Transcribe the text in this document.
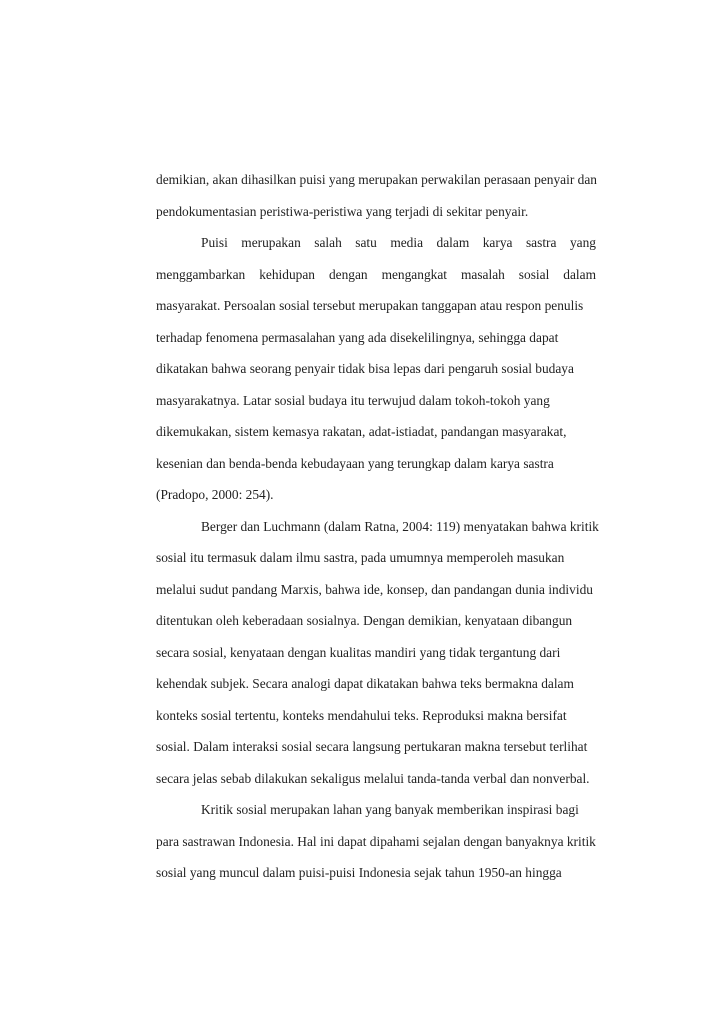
demikian, akan dihasilkan puisi yang merupakan perwakilan perasaan penyair dan
pendokumentasian peristiwa-peristiwa yang terjadi di sekitar penyair.
Puisi merupakan salah satu media dalam karya sastra yang
menggambarkan kehidupan dengan mengangkat masalah sosial dalam
masyarakat. Persoalan sosial tersebut merupakan tanggapan atau respon penulis
terhadap fenomena permasalahan yang ada disekelilingnya, sehingga dapat
dikatakan bahwa seorang penyair tidak bisa lepas dari pengaruh sosial budaya
masyarakatnya. Latar sosial budaya itu terwujud dalam tokoh-tokoh yang
dikemukakan, sistem kemasya rakatan, adat-istiadat, pandangan masyarakat,
kesenian dan benda-benda kebudayaan yang terungkap dalam karya sastra
(Pradopo, 2000: 254).
Berger dan Luchmann (dalam Ratna, 2004: 119) menyatakan bahwa kritik
sosial itu termasuk dalam ilmu sastra, pada umumnya memperoleh masukan
melalui sudut pandang Marxis, bahwa ide, konsep, dan pandangan dunia individu
ditentukan oleh keberadaan sosialnya. Dengan demikian, kenyataan dibangun
secara sosial, kenyataan dengan kualitas mandiri yang tidak tergantung dari
kehendak subjek. Secara analogi dapat dikatakan bahwa teks bermakna dalam
konteks sosial tertentu, konteks mendahului teks. Reproduksi makna bersifat
sosial. Dalam interaksi sosial secara langsung pertukaran makna tersebut terlihat
secara jelas sebab dilakukan sekaligus melalui tanda-tanda verbal dan nonverbal.
Kritik sosial merupakan lahan yang banyak memberikan inspirasi bagi
para sastrawan Indonesia. Hal ini dapat dipahami sejalan dengan banyaknya kritik
sosial yang muncul dalam puisi-puisi Indonesia sejak tahun 1950-an hingga
